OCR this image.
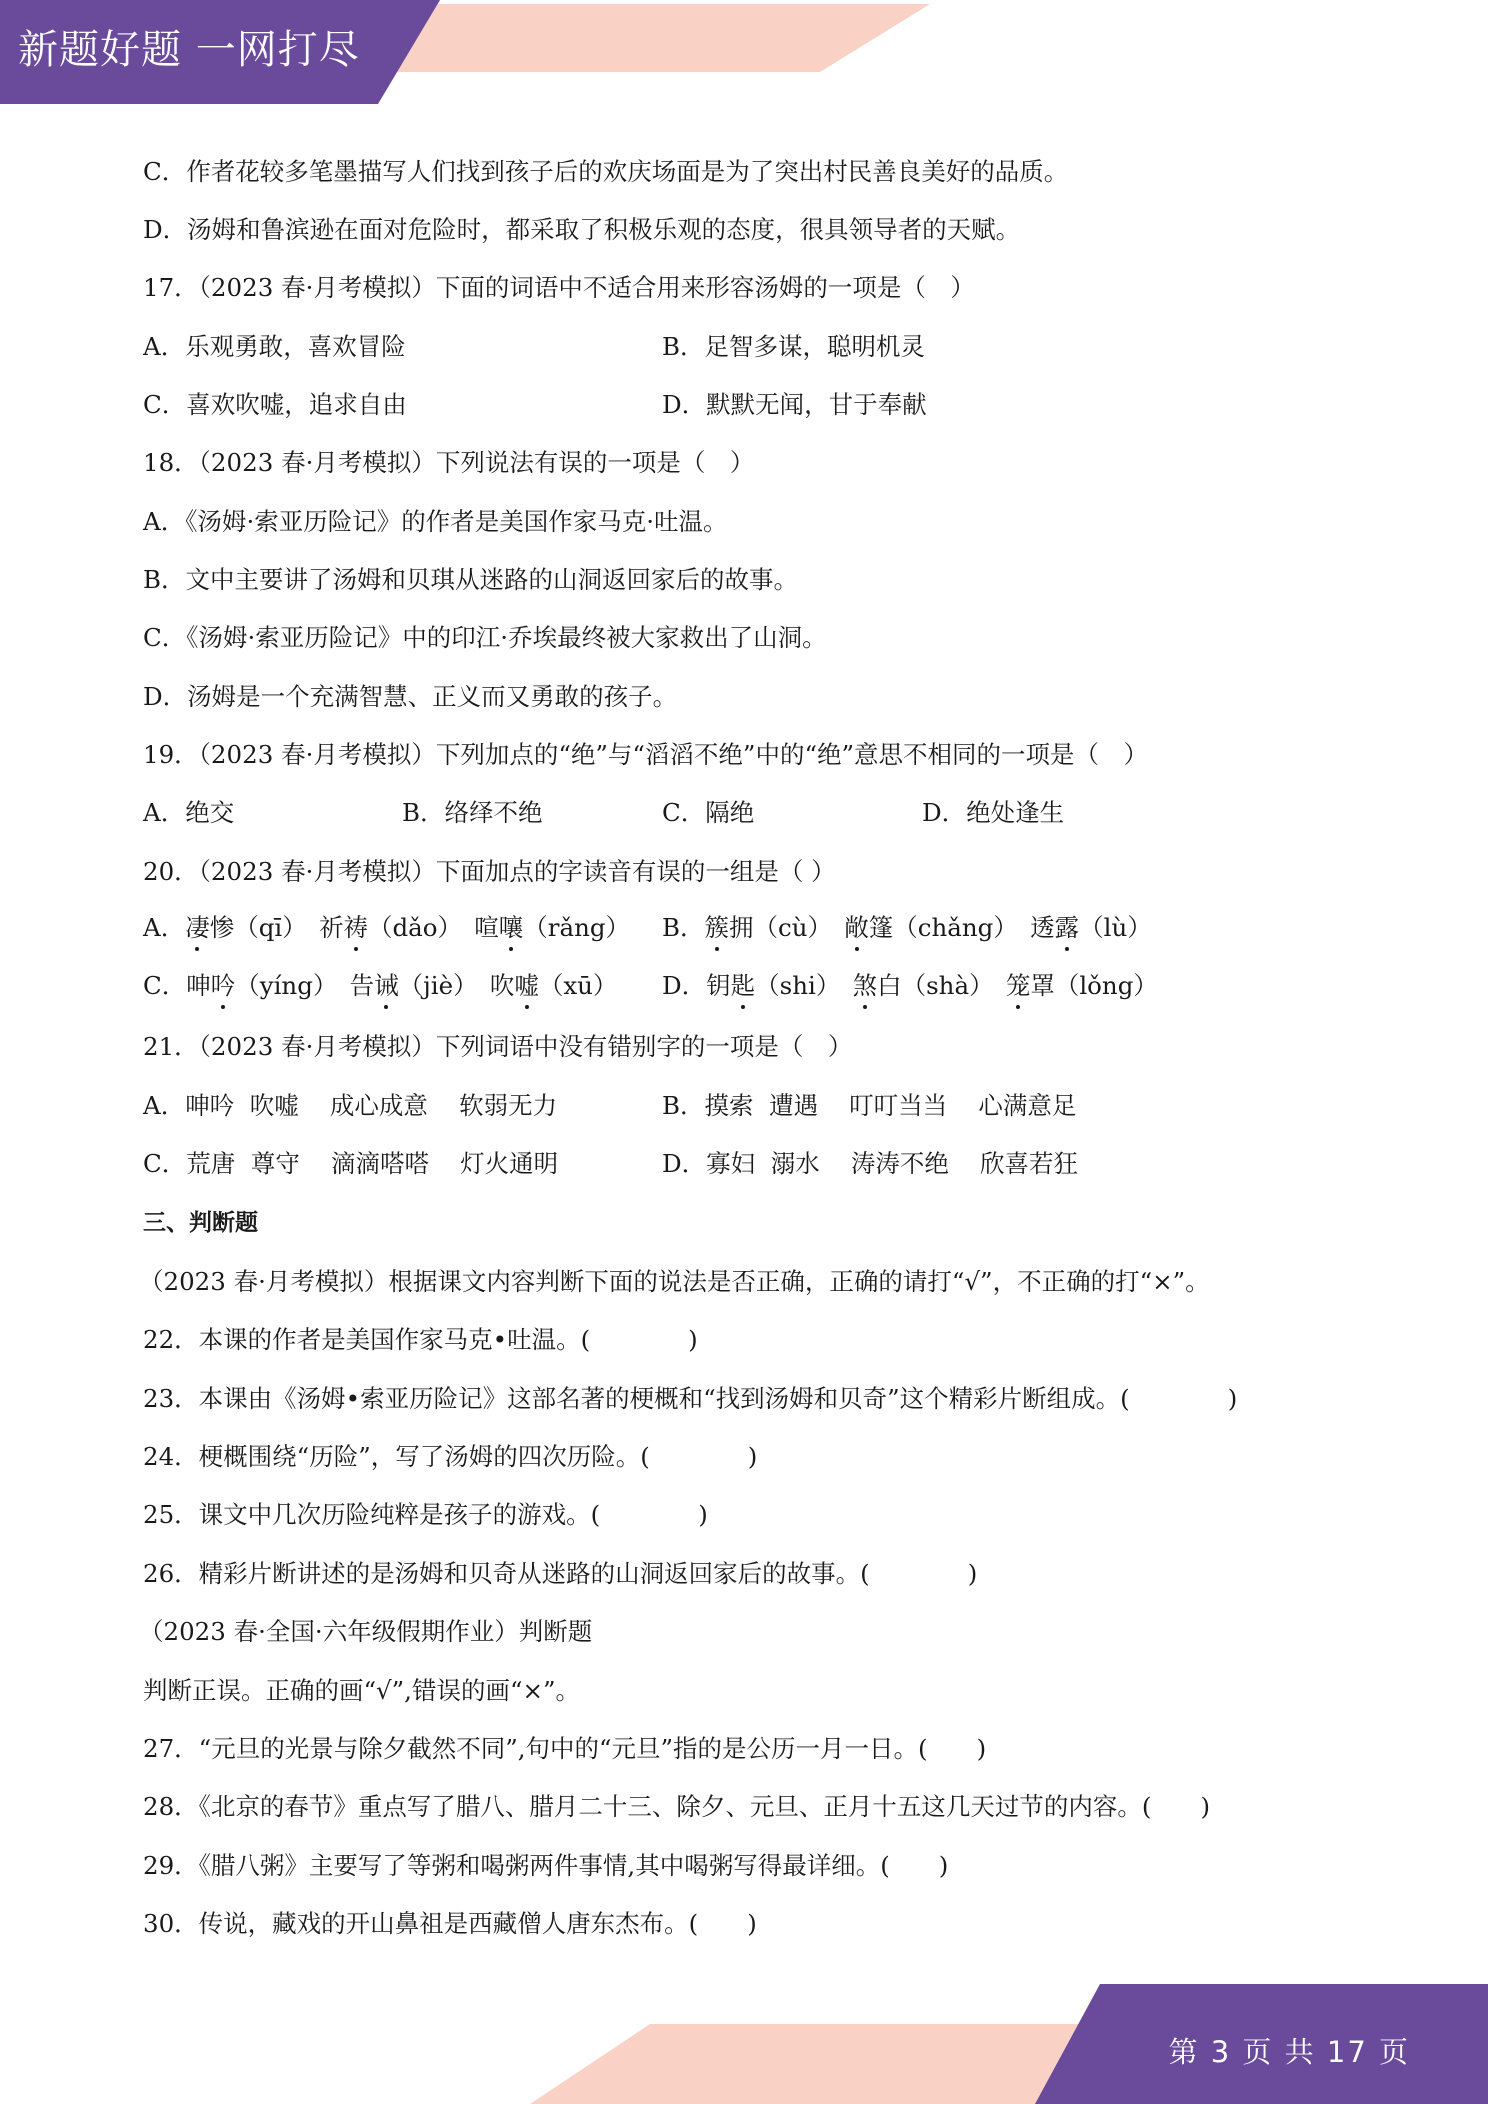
新题好题 一网打尽
C．作者花较多笔墨描写人们找到孩子后的欢庆场面是为了突出村民善良美好的品质。
D．汤姆和鲁滨逊在面对危险时，都采取了积极乐观的态度，很具领导者的天赋。
17．（2023 春·月考模拟）下面的词语中不适合用来形容汤姆的一项是（　）
A．乐观勇敢，喜欢冒险	B．足智多谋，聪明机灵
C．喜欢吹嘘，追求自由	D．默默无闻，甘于奉献
18．（2023 春·月考模拟）下列说法有误的一项是（　）
A．《汤姆·索亚历险记》的作者是美国作家马克·吐温。
B．文中主要讲了汤姆和贝琪从迷路的山洞返回家后的故事。
C．《汤姆·索亚历险记》中的印江·乔埃最终被大家救出了山洞。
D．汤姆是一个充满智慧、正义而又勇敢的孩子。
19．（2023 春·月考模拟）下列加点的“绝”与“滔滔不绝”中的“绝”意思不相同的一项是（　）
A．绝交	B．络绎不绝	C．隔绝	D．绝处逢生
20．（2023 春·月考模拟）下面加点的字读音有误的一组是（ ）
A．凄惨（qī）　 祈祷（dǎo）　 喧嚷（rǎng） B．簇拥（cù）　 敞篷（chǎng）　 透露（lù）
C．呻吟（yíng）　 告诫（jiè）　 吹嘘（xū） D．钥匙（shi）　 煞白（shà）　 笼罩（lǒng）
21．（2023 春·月考模拟）下列词语中没有错别字的一项是（　）
A．呻吟  吹嘘    成心成意    软弱无力	B．摸索  遭遇    叮叮当当    心满意足
C．荒唐  尊守    滴滴嗒嗒    灯火通明	D．寡妇  溺水    涛涛不绝    欣喜若狂
三、判断题
（2023 春·月考模拟）根据课文内容判断下面的说法是否正确，正确的请打“√”，不正确的打“×”。
22．本课的作者是美国作家马克•吐温。(　　　　)
23．本课由《汤姆•索亚历险记》这部名著的梗概和“找到汤姆和贝奇”这个精彩片断组成。(　　　　)
24．梗概围绕“历险”，写了汤姆的四次历险。(　　　　)
25．课文中几次历险纯粹是孩子的游戏。(　　　　)
26．精彩片断讲述的是汤姆和贝奇从迷路的山洞返回家后的故事。(　　　　)
（2023 春·全国·六年级假期作业）判断题
判断正误。正确的画“√”,错误的画“×”。
27．“元旦的光景与除夕截然不同”,句中的“元旦”指的是公历一月一日。(　　)
28．《北京的春节》重点写了腊八、腊月二十三、除夕、元旦、正月十五这几天过节的内容。(　　)
29．《腊八粥》主要写了等粥和喝粥两件事情,其中喝粥写得最详细。(　　)
30．传说，藏戏的开山鼻祖是西藏僧人唐东杰布。(　　)
第 3 页 共 17 页
